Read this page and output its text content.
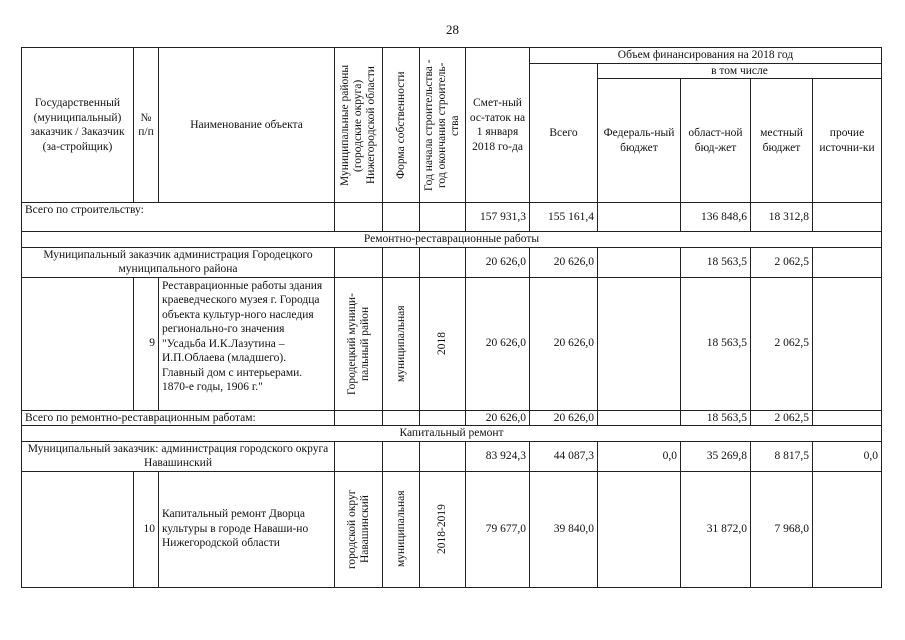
28
Государственный (муниципальный) заказчик / Заказчик (за-стройщик)	№ п/п	Наименование объекта	Муниципальные районы (городские округа) Нижегородской области	Форма собственности	Год начала строительства - год окончания строитель-ства	Смет-ный ос-таток на 1 января 2018 го-да	Объем финансирования на 2018 год				
							Всего	в том числе			
								Федераль-ный бюджет	област-ной бюд-жет	местный бюджет	прочие источни-ки
Всего по строительству:						157 931,3	155 161,4		136 848,6	18 312,8	
Ремонтно-реставрационные работы											
Муниципальный заказчик администрация Городецкого муниципального района						20 626,0	20 626,0		18 563,5	2 062,5	
	9	Реставрационные работы здания краеведческого музея г. Городца объекта культур-ного наследия регионально-го значения "Усадьба И.К.Лазутина – И.П.Облаева (младшего). Главный дом с интерьерами. 1870-е годы, 1906 г."	Городецкий муници-пальный район	муниципальная	2018	20 626,0	20 626,0		18 563,5	2 062,5	
Всего по ремонтно-реставрационным работам:						20 626,0	20 626,0		18 563,5	2 062,5	
Капитальный ремонт											
Муниципальный заказчик: администрация городского округа Навашинский						83 924,3	44 087,3	0,0	35 269,8	8 817,5	0,0
	10	Капитальный ремонт Дворца культуры в городе Наваши-но Нижегородской области	городской округ Навашинский	муниципальная	2018-2019	79 677,0	39 840,0		31 872,0	7 968,0	
